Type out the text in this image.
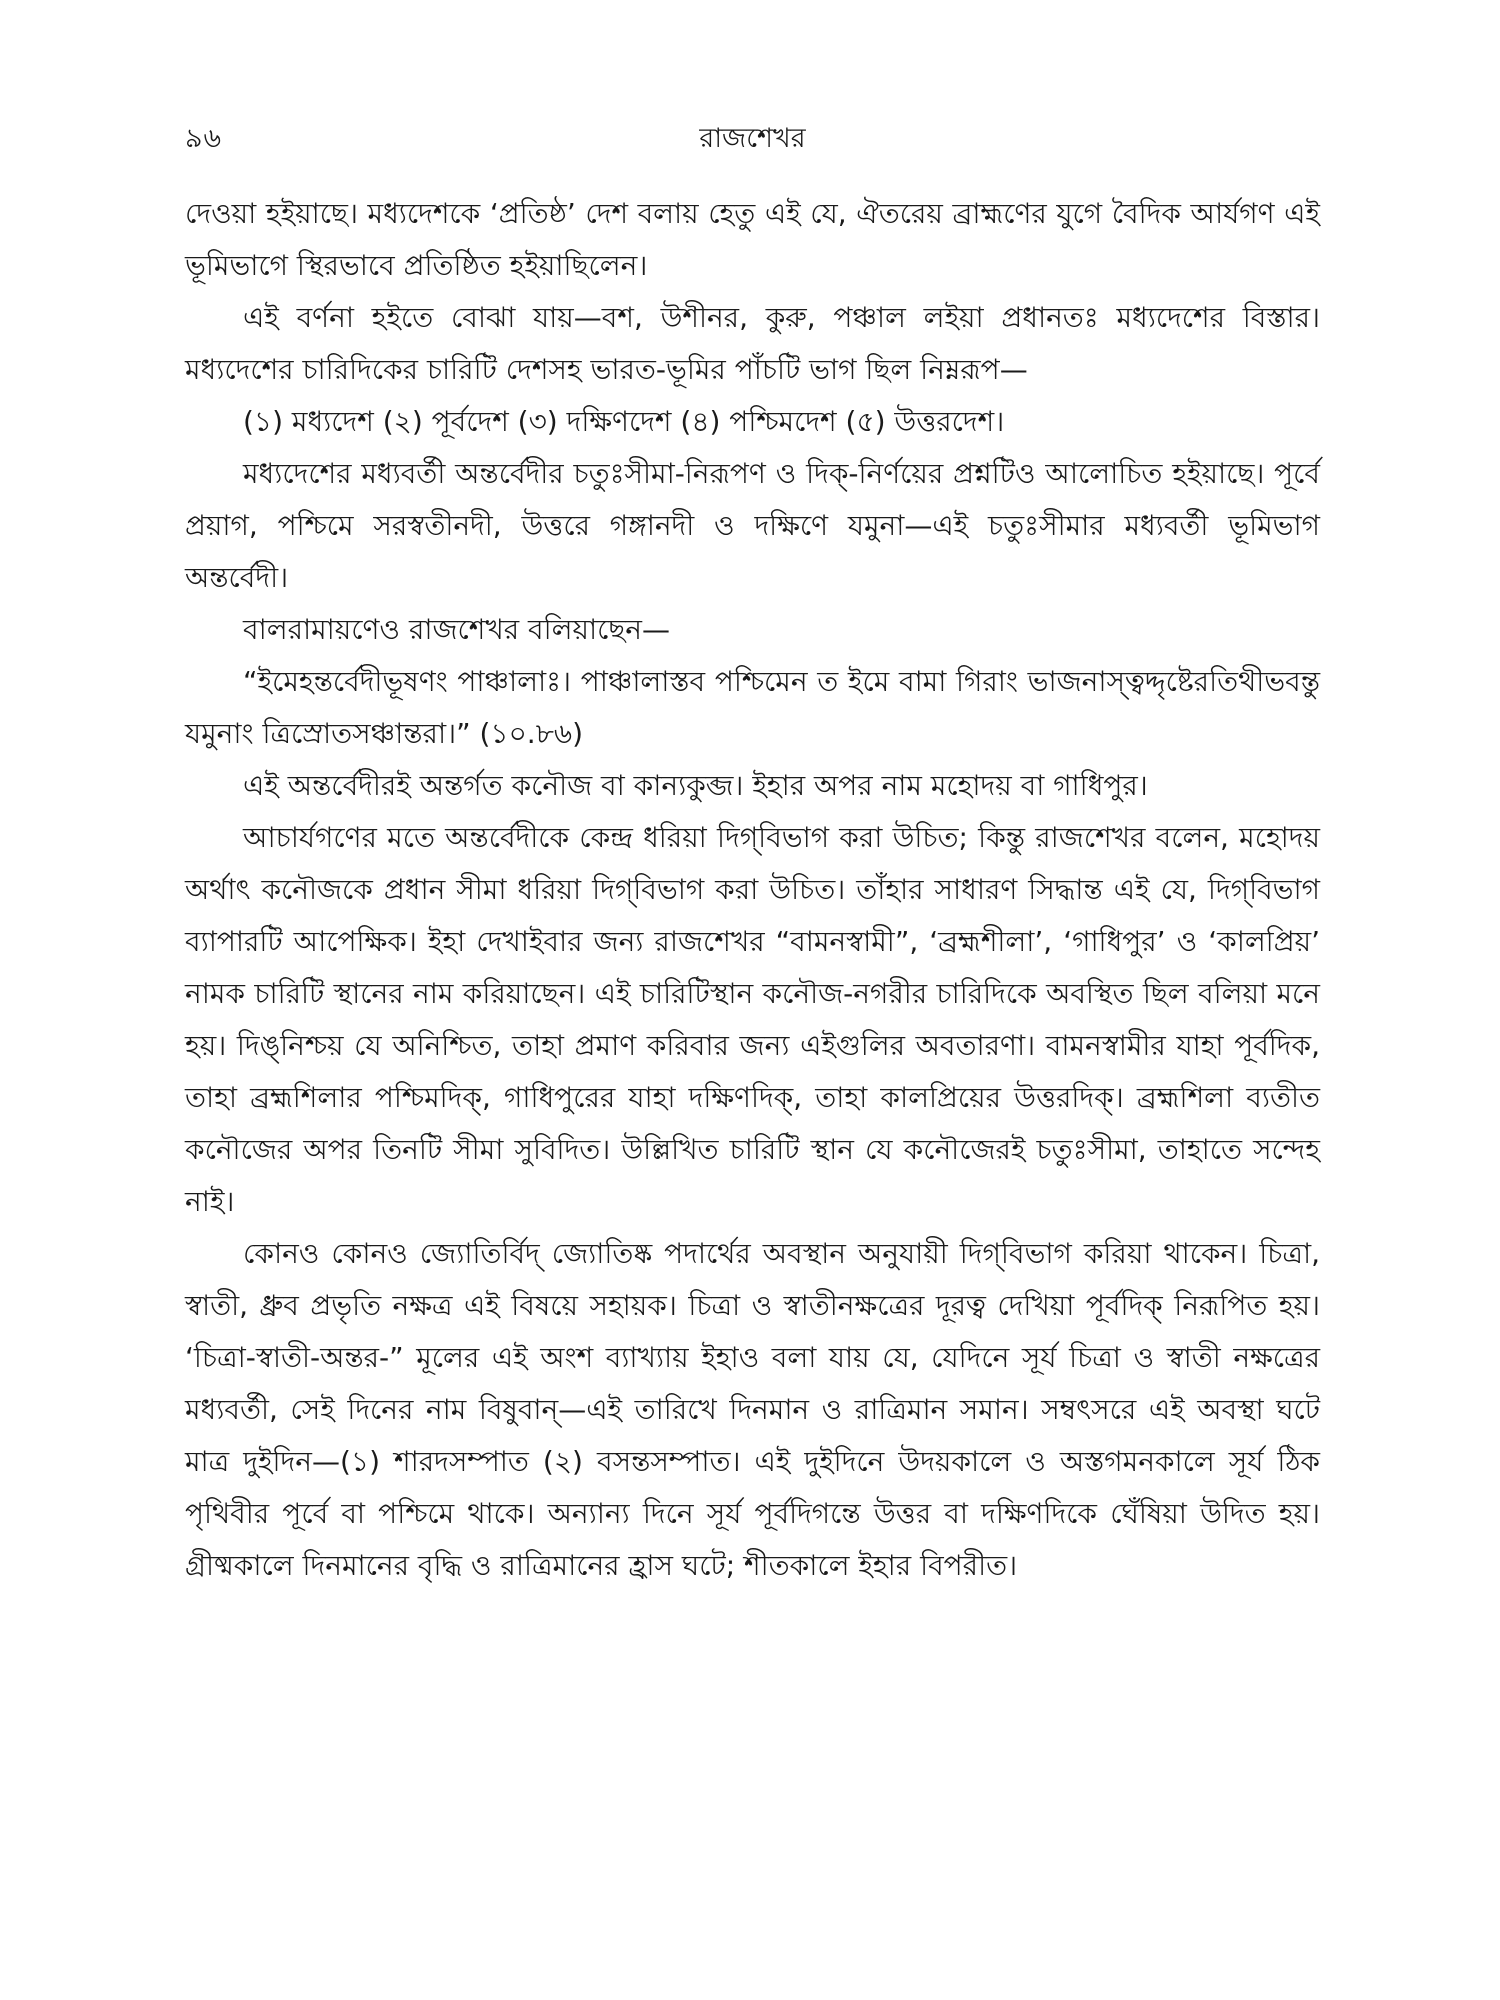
৯৬	রাজশেখর

দেওয়া হইয়াছে। মধ্যদেশকে ‘প্রতিষ্ঠ’ দেশ বলায় হেতু এই যে, ঐতরেয় ব্রাহ্মণের যুগে বৈদিক আর্যগণ এই ভূমিভাগে স্থিরভাবে প্রতিষ্ঠিত হইয়াছিলেন।

এই বর্ণনা হইতে বোঝা যায়—বশ, উশীনর, কুরু, পঞ্চাল লইয়া প্রধানতঃ মধ্যদেশের বিস্তার। মধ্যদেশের চারিদিকের চারিটি দেশসহ ভারত-ভূমির পাঁচটি ভাগ ছিল নিম্নরূপ—

(১) মধ্যদেশ (২) পূর্বদেশ (৩) দক্ষিণদেশ (৪) পশ্চিমদেশ (৫) উত্তরদেশ।

মধ্যদেশের মধ্যবর্তী অন্তর্বেদীর চতুঃসীমা-নিরূপণ ও দিক্-নির্ণয়ের প্রশ্নটিও আলোচিত হইয়াছে। পূর্বে প্রয়াগ, পশ্চিমে সরস্বতীনদী, উত্তরে গঙ্গানদী ও দক্ষিণে যমুনা—এই চতুঃসীমার মধ্যবর্তী ভূমিভাগ অন্তর্বেদী।

বালরামায়ণেও রাজশেখর বলিয়াছেন—

“ইমেহন্তর্বেদীভূষণং পাঞ্চালাঃ। পাঞ্চালাস্তব পশ্চিমেন ত ইমে বামা গিরাং ভাজনাস্ত্বদ্দৃষ্টেরতিথীভবন্তু যমুনাং ত্রিস্রোতসঞ্চান্তরা।” (১০.৮৬)

এই অন্তর্বেদীরই অন্তর্গত কনৌজ বা কান্যকুব্জ। ইহার অপর নাম মহোদয় বা গাধিপুর।

আচার্যগণের মতে অন্তর্বেদীকে কেন্দ্র ধরিয়া দিগ্‌বিভাগ করা উচিত; কিন্তু রাজশেখর বলেন, মহোদয় অর্থাৎ কনৌজকে প্রধান সীমা ধরিয়া দিগ্‌বিভাগ করা উচিত। তাঁহার সাধারণ সিদ্ধান্ত এই যে, দিগ্‌বিভাগ ব্যাপারটি আপেক্ষিক। ইহা দেখাইবার জন্য রাজশেখর “বামনস্বামী”, ‘ব্রহ্মশীলা’, ‘গাধিপুর’ ও ‘কালপ্রিয়’ নামক চারিটি স্থানের নাম করিয়াছেন। এই চারিটিস্থান কনৌজ-নগরীর চারিদিকে অবস্থিত ছিল বলিয়া মনে হয়। দিঙ্‌নিশ্চয় যে অনিশ্চিত, তাহা প্রমাণ করিবার জন্য এইগুলির অবতারণা। বামনস্বামীর যাহা পূর্বদিক, তাহা ব্রহ্মশিলার পশ্চিমদিক্, গাধিপুরের যাহা দক্ষিণদিক্, তাহা কালপ্রিয়ের উত্তরদিক্। ব্রহ্মশিলা ব্যতীত কনৌজের অপর তিনটি সীমা সুবিদিত। উল্লিখিত চারিটি স্থান যে কনৌজেরই চতুঃসীমা, তাহাতে সন্দেহ নাই।

কোনও কোনও জ্যোতির্বিদ্ জ্যোতিষ্ক পদার্থের অবস্থান অনুযায়ী দিগ্‌বিভাগ করিয়া থাকেন। চিত্রা, স্বাতী, ধ্রুব প্রভৃতি নক্ষত্র এই বিষয়ে সহায়ক। চিত্রা ও স্বাতীনক্ষত্রের দূরত্ব দেখিয়া পূর্বদিক্ নিরূপিত হয়। ‘চিত্রা-স্বাতী-অন্তর-” মূলের এই অংশ ব্যাখ্যায় ইহাও বলা যায় যে, যেদিনে সূর্য চিত্রা ও স্বাতী নক্ষত্রের মধ্যবর্তী, সেই দিনের নাম বিষুবান্—এই তারিখে দিনমান ও রাত্রিমান সমান। সম্বৎসরে এই অবস্থা ঘটে মাত্র দুইদিন—(১) শারদসম্পাত (২) বসন্তসম্পাত। এই দুইদিনে উদয়কালে ও অস্তগমনকালে সূর্য ঠিক পৃথিবীর পূর্বে বা পশ্চিমে থাকে। অন্যান্য দিনে সূর্য পূর্বদিগন্তে উত্তর বা দক্ষিণদিকে ঘেঁষিয়া উদিত হয়। গ্রীষ্মকালে দিনমানের বৃদ্ধি ও রাত্রিমানের হ্রাস ঘটে; শীতকালে ইহার বিপরীত।
